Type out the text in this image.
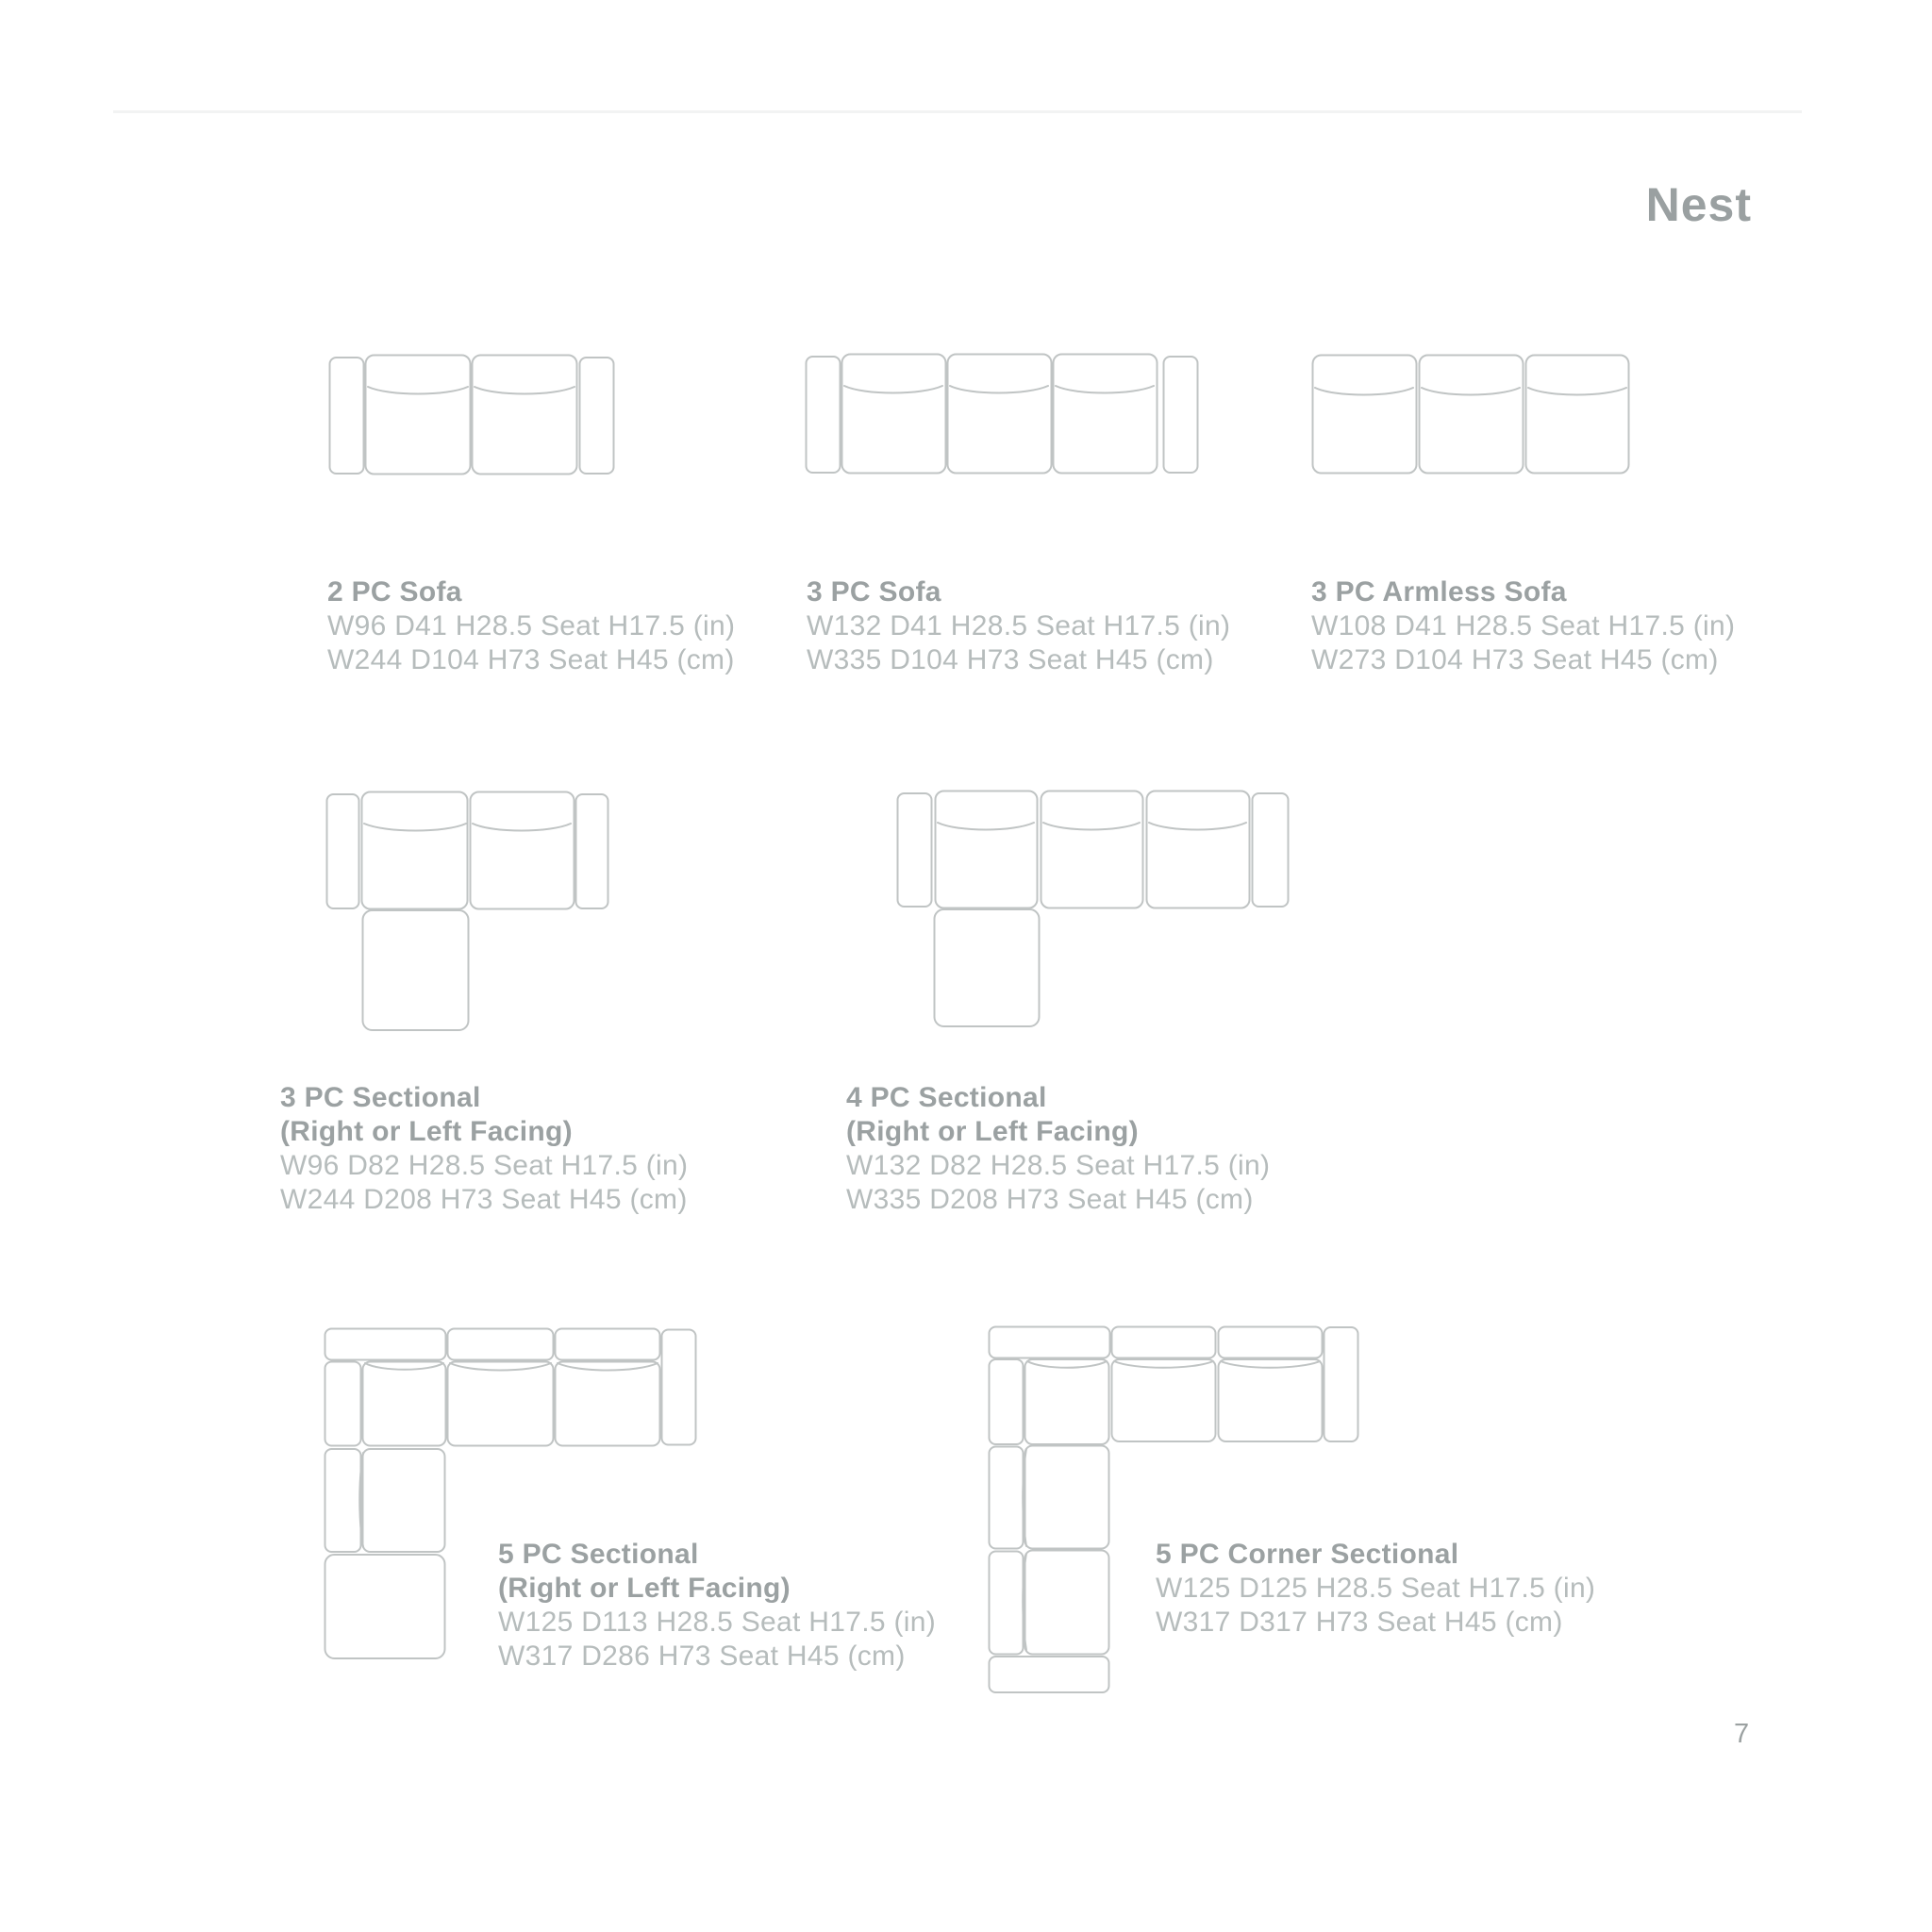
Nest
2 PC Sofa
W96 D41 H28.5 Seat H17.5 (in)
W244 D104 H73 Seat H45 (cm)
3 PC Sofa
W132 D41 H28.5 Seat H17.5 (in)
W335 D104 H73 Seat H45 (cm)
3 PC Armless Sofa
W108 D41 H28.5 Seat H17.5 (in)
W273 D104 H73 Seat H45 (cm)
3 PC Sectional
(Right or Left Facing)
W96 D82 H28.5 Seat H17.5 (in)
W244 D208 H73 Seat H45 (cm)
4 PC Sectional
(Right or Left Facing)
W132 D82 H28.5 Seat H17.5 (in)
W335 D208 H73 Seat H45 (cm)
5 PC Sectional
(Right or Left Facing)
W125 D113 H28.5 Seat H17.5 (in)
W317 D286 H73 Seat H45 (cm)
5 PC Corner Sectional
W125 D125 H28.5 Seat H17.5 (in)
W317 D317 H73 Seat H45 (cm)
7
